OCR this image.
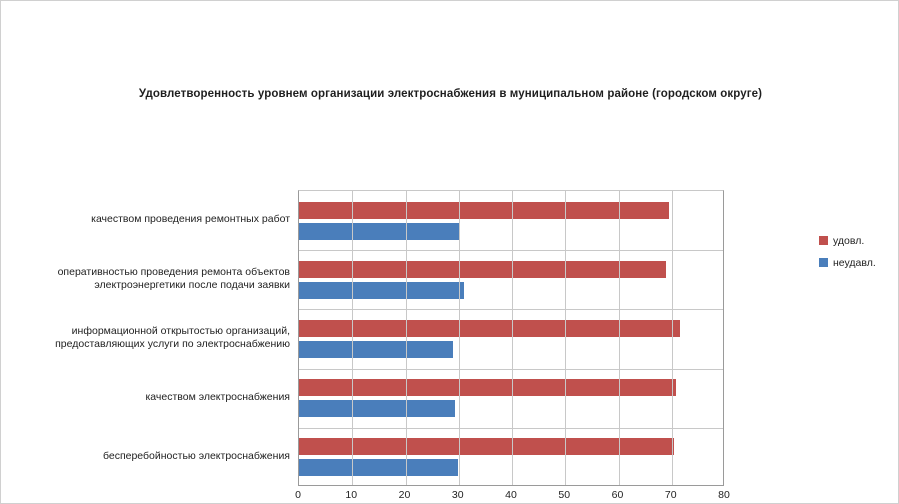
Удовлетворенность уровнем организации электроснабжения в муниципальном районе (городском округе)
качеством проведения ремонтных работ
оперативностью проведения ремонта объектов
электроэнергетики после подачи заявки
информационной открытостью организаций,
предоставляющих услуги по электроснабжению
качеством электроснабжения
бесперебойностью электроснабжения
0	10	20	30	40	50	60	70	80
удовл.
неудавл.
